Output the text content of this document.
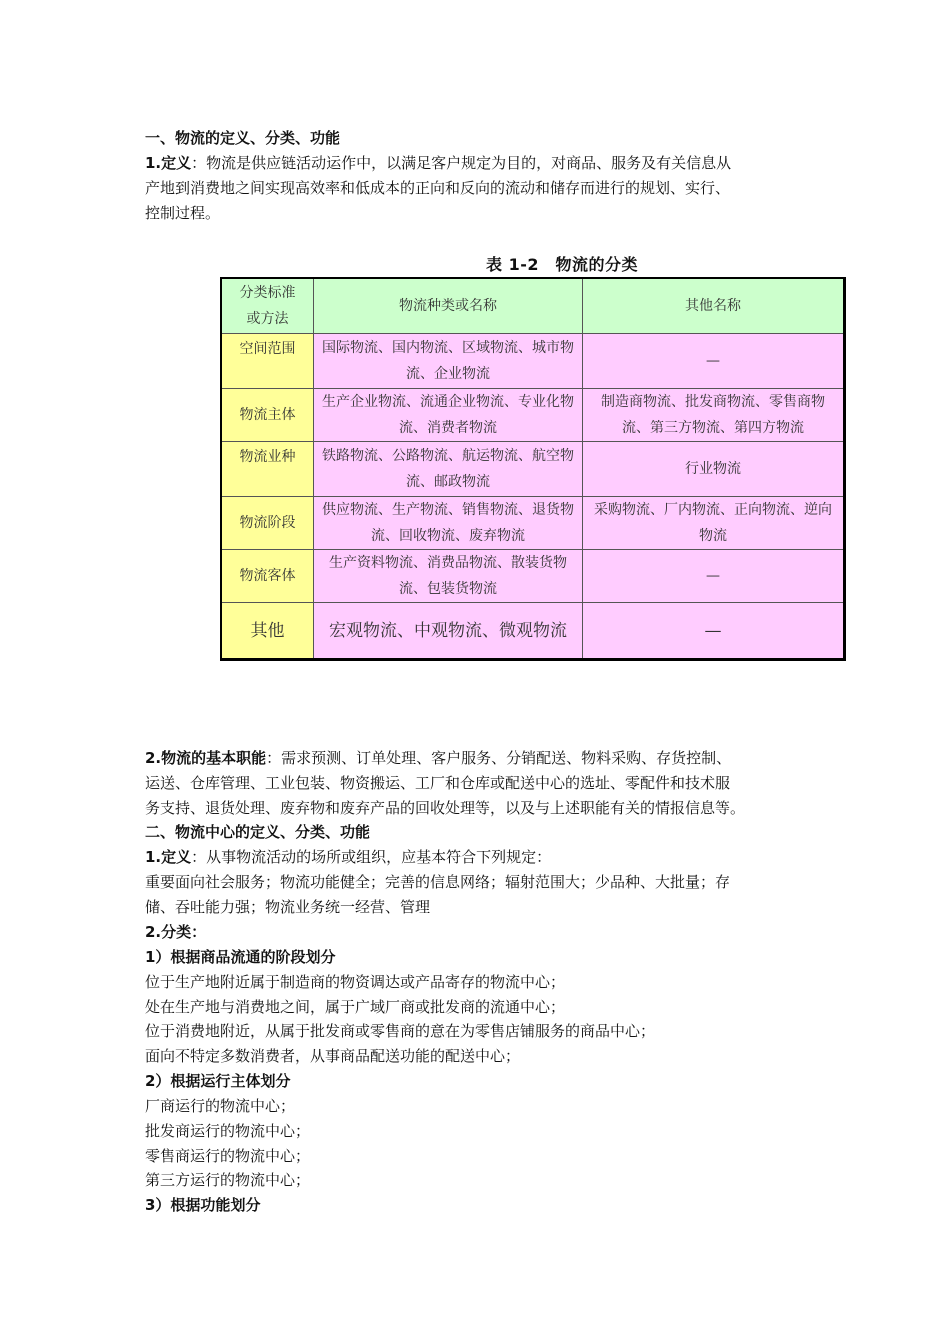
一、物流的定义、分类、功能

1.定义：物流是供应链活动运作中，以满足客户规定为目的，对商品、服务及有关信息从
产地到消费地之间实现高效率和低成本的正向和反向的流动和储存而进行的规划、实行、
控制过程。

表 1-2　物流的分类
分类标准
或方法	物流种类或名称	其他名称
空间范围	国际物流、国内物流、区域物流、城市物流、企业物流	—
物流主体	生产企业物流、流通企业物流、专业化物流、消费者物流	制造商物流、批发商物流、零售商物流、第三方物流、第四方物流
物流业种	铁路物流、公路物流、航运物流、航空物流、邮政物流	行业物流
物流阶段	供应物流、生产物流、销售物流、退货物流、回收物流、废弃物流	采购物流、厂内物流、正向物流、逆向物流
物流客体	生产资料物流、消费品物流、散装货物流、包装货物流	—
其他	宏观物流、中观物流、微观物流	—

2.物流的基本职能：需求预测、订单处理、客户服务、分销配送、物料采购、存货控制、
运送、仓库管理、工业包装、物资搬运、工厂和仓库或配送中心的选址、零配件和技术服
务支持、退货处理、废弃物和废弃产品的回收处理等，以及与上述职能有关的情报信息等。

二、物流中心的定义、分类、功能

1.定义：从事物流活动的场所或组织，应基本符合下列规定：
重要面向社会服务；物流功能健全；完善的信息网络；辐射范围大；少品种、大批量；存
储、吞吐能力强；物流业务统一经营、管理

2.分类：

1）根据商品流通的阶段划分

位于生产地附近属于制造商的物资调达或产品寄存的物流中心；

处在生产地与消费地之间，属于广域厂商或批发商的流通中心；

位于消费地附近，从属于批发商或零售商的意在为零售店铺服务的商品中心；

面向不特定多数消费者，从事商品配送功能的配送中心；

2）根据运行主体划分

厂商运行的物流中心；

批发商运行的物流中心；

零售商运行的物流中心；

第三方运行的物流中心；

3）根据功能划分
